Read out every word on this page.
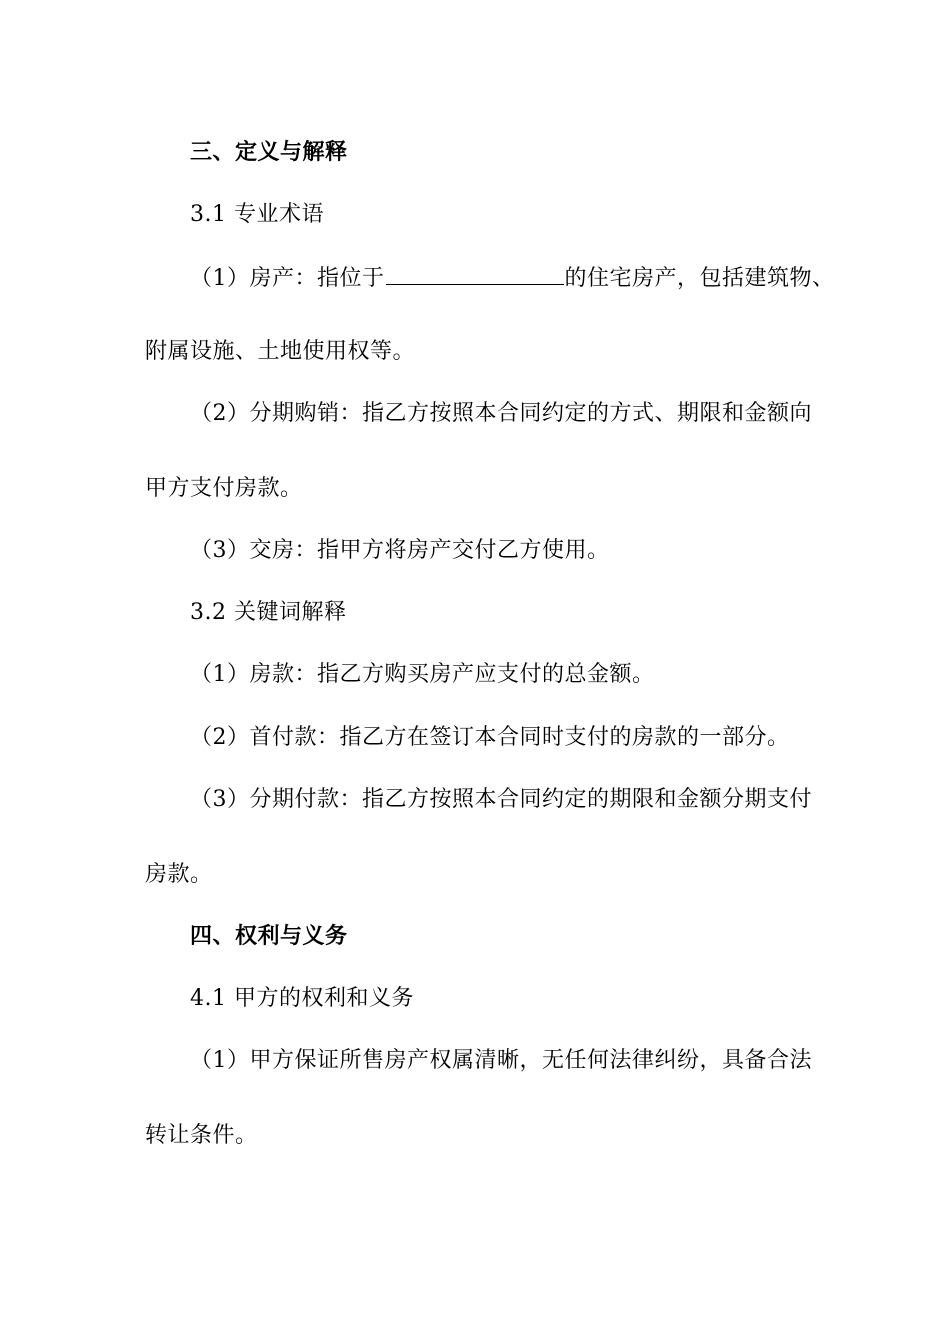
三、定义与解释
3.1 专业术语
（1）房产：指位于	的住宅房产，包括建筑物、
附属设施、土地使用权等。
（2）分期购销：指乙方按照本合同约定的方式、期限和金额向
甲方支付房款。
（3）交房：指甲方将房产交付乙方使用。
3.2 关键词解释
（1）房款：指乙方购买房产应支付的总金额。
（2）首付款：指乙方在签订本合同时支付的房款的一部分。
（3）分期付款：指乙方按照本合同约定的期限和金额分期支付
房款。
四、权利与义务
4.1 甲方的权利和义务
（1）甲方保证所售房产权属清晰，无任何法律纠纷，具备合法
转让条件。
